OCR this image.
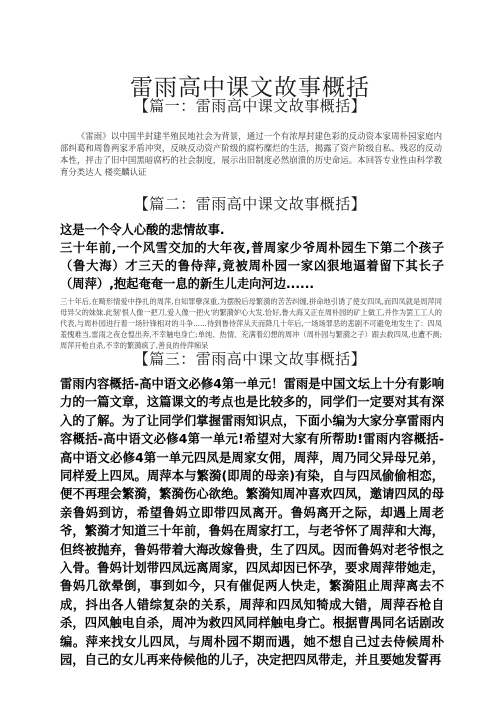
雷雨高中课文故事概括
【篇一：雷雨高中课文故事概括】

《雷雨》以中国半封建半殖民地社会为背景，通过一个有浓厚封建色彩的反动资本家周朴园家庭内部纠葛和周鲁两家矛盾冲突，反映反动资产阶级的腐朽糜烂的生活，揭露了资产阶级自私、残忍的反动本性，抨击了旧中国黑暗腐朽的社会制度，展示出旧制度必然崩溃的历史命运。本回答专业性由科学教育分类达人 楼奕麟认证

【篇二：雷雨高中课文故事概括】
这是一个令人心酸的悲情故事.

三十年前,一个风雪交加的大年夜,普周家少爷周朴园生下第二个孩子（鲁大海）才三天的鲁侍萍,竟被周朴园一家凶狠地逼着留下其长子（周萍）,抱起奄奄一息的新生儿走向河边......

三十年后,在畸形情爱中挣扎的周萍,自知罪孽深重,为摆脱后母繁漪的苦苦纠缠,拼命地引诱了使女四凤,而四凤就是周萍同母异父的妹妹.此刻'恨人像一把刀,爱人像一把火'的繁漪妒心大发.恰好,鲁大海又正在周朴园的矿上做工,并作为罢工工人的代表,与周朴园进行着一场针锋相对的斗争......待到鲁侍萍从天而降几十年后,一场场罪恶的悲剧不可避免地发生了：四凤羞愧难当,雷雨之夜仓惶出奔,不幸触电身亡;单纯、热情、充满着幻想的周冲（周朴园与繁漪之子）跟去救四凤,也遭不测;周萍开枪自杀,不幸的繁漪疯了,善良的侍萍痴呆

【篇三：雷雨高中课文故事概括】

雷雨内容概括-高中语文必修4第一单元！雷雨是中国文坛上十分有影响力的一篇文章，这篇课文的考点也是比较多的，同学们一定要对其有深入的了解。为了让同学们掌握雷雨知识点，下面小编为大家分享雷雨内容概括-高中语文必修4第一单元!希望对大家有所帮助!雷雨内容概括-高中语文必修4第一单元四凤是周家女佣，周萍，周乃同父异母兄弟，同样爱上四凤。周萍本与繁漪(即周的母亲)有染，自与四凤偷偷相恋，便不再理会繁漪，繁漪伤心欲绝。繁漪知周冲喜欢四凤，邀请四凤的母亲鲁妈到访，希望鲁妈立即带四凤离开。鲁妈离开之际，却遇上周老爷，繁漪才知道三十年前，鲁妈在周家打工，与老爷怀了周萍和大海，但终被抛弃，鲁妈带着大海改嫁鲁贵，生了四凤。因而鲁妈对老爷恨之入骨。鲁妈计划带四凤远离周家，四凤却因已怀孕，要求周萍带她走，鲁妈几欲晕倒，事到如今，只有催促两人快走，繁漪阻止周萍离去不成，抖出各人错综复杂的关系，周萍和四凤知犄成大错，周萍吞枪自杀，四风触电自杀，周冲为救四风同样触电身亡。根据曹禺同名话剧改编。萍来找女儿四凤，与周朴园不期而遇，她不想自己过去侍候周朴园，自己的女儿再来侍候他的儿子，决定把四凤带走，并且要她发誓再
